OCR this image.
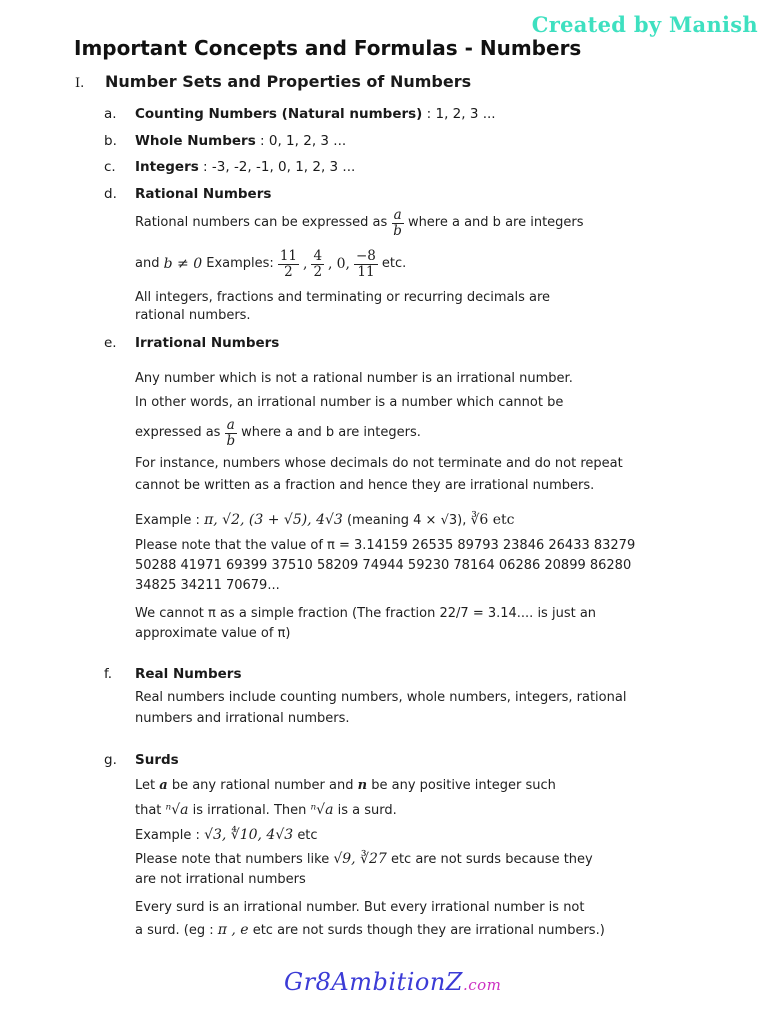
Created by Manish
Important Concepts and Formulas - Numbers
I. Number Sets and Properties of Numbers
a. Counting Numbers (Natural numbers) : 1, 2, 3 ...
b. Whole Numbers : 0, 1, 2, 3 ...
c. Integers : -3, -2, -1, 0, 1, 2, 3 ...
d. Rational Numbers
Rational numbers can be expressed as $\frac{a}{b}$ where a and b are integers
and
b ≠ 0
Examples: $\frac{11}{2}$ , $\frac{4}{2}$ ,
0, $\frac{-8}{11}$ etc.
All integers, fractions and terminating or recurring decimals are
rational numbers.
e. Irrational Numbers
Any number which is not a rational number is an irrational number.
In other words, an irrational number is a number which cannot be
expressed as $\frac{a}{b}$ where a and b are integers.
For instance, numbers whose decimals do not terminate and do not repeat
cannot be written as a fraction and hence they are irrational numbers.
Example : π, √2, (3 + √5), 4√3 (meaning 4 × √3), ∛6 etc
Please note that the value of π = 3.14159 26535 89793 23846 26433 83279
50288 41971 69399 37510 58209 74944 59230 78164 06286 20899 86280
34825 34211 70679...
We cannot π as a simple fraction (The fraction 22/7 = 3.14.... is just an
approximate value of π)
f. Real Numbers
Real numbers include counting numbers, whole numbers, integers, rational
numbers and irrational numbers.
g. Surds
Let a be any rational number and n be any positive integer such
that ⁿ√a is irrational. Then ⁿ√a is a surd.
Example : √3, ∜10, 4√3 etc
Please note that numbers like √9, ∛27 etc are not surds because they
are not irrational numbers
Every surd is an irrational number. But every irrational number is not
a surd. (eg : π , e etc are not surds though they are irrational numbers.)
Gr8AmbitionZ.com
